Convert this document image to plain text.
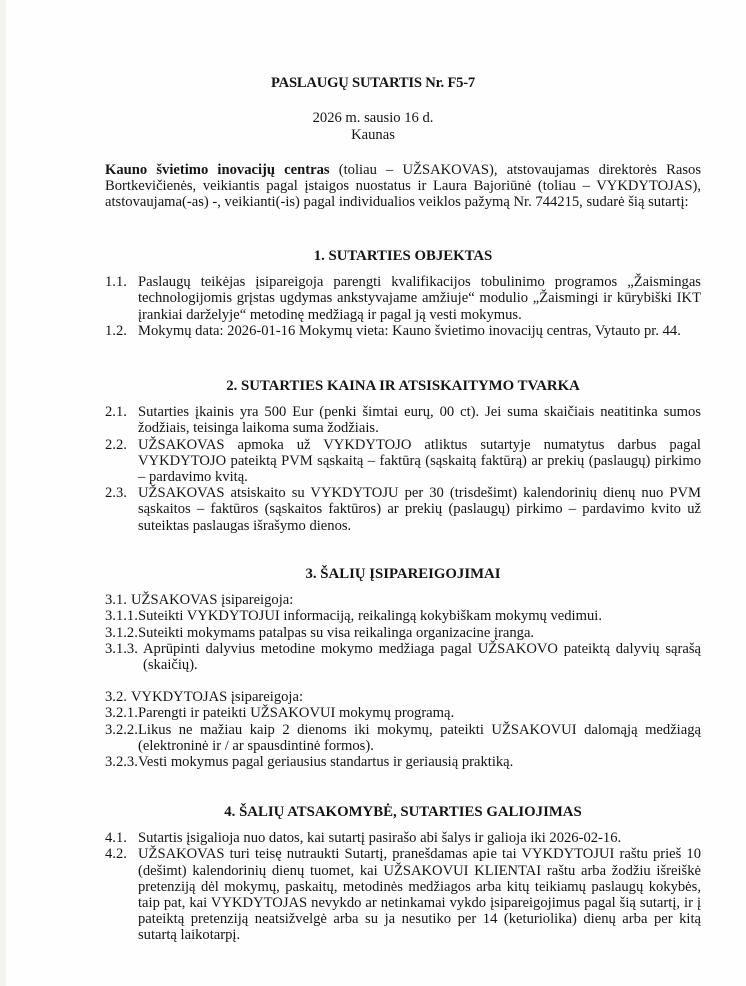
PASLAUGŲ SUTARTIS Nr. F5-7
2026 m. sausio 16 d.
Kaunas
Kauno švietimo inovacijų centras (toliau – UŽSAKOVAS), atstovaujamas direktorės Rasos Bortkevičienės, veikiantis pagal įstaigos nuostatus ir Laura Bajoriūnė (toliau – VYKDYTOJAS), atstovaujama(-as) -, veikianti(-is) pagal individualios veiklos pažymą Nr. 744215, sudarė šią sutartį:
1. SUTARTIES OBJEKTAS
1.1. Paslaugų teikėjas įsipareigoja parengti kvalifikacijos tobulinimo programos „Žaismingas technologijomis grįstas ugdymas ankstyvajame amžiuje“ modulio „Žaismingi ir kūrybiški IKT įrankiai darželyje“ metodinę medžiagą ir pagal ją vesti mokymus.
1.2. Mokymų data: 2026-01-16 Mokymų vieta: Kauno švietimo inovacijų centras, Vytauto pr. 44.
2. SUTARTIES KAINA IR ATSISKAITYMO TVARKA
2.1. Sutarties įkainis yra 500 Eur (penki šimtai eurų, 00 ct). Jei suma skaičiais neatitinka sumos žodžiais, teisinga laikoma suma žodžiais.
2.2. UŽSAKOVAS apmoka už VYKDYTOJO atliktus sutartyje numatytus darbus pagal VYKDYTOJO pateiktą PVM sąskaitą – faktūrą (sąskaitą faktūrą) ar prekių (paslaugų) pirkimo – pardavimo kvitą.
2.3. UŽSAKOVAS atsiskaito su VYKDYTOJU per 30 (trisdešimt) kalendorinių dienų nuo PVM sąskaitos – faktūros (sąskaitos faktūros) ar prekių (paslaugų) pirkimo – pardavimo kvito už suteiktas paslaugas išrašymo dienos.
3. ŠALIŲ ĮSIPAREIGOJIMAI
3.1. UŽSAKOVAS įsipareigoja:
3.1.1. Suteikti VYKDYTOJUI informaciją, reikalingą kokybiškam mokymų vedimui.
3.1.2. Suteikti mokymams patalpas su visa reikalinga organizacine įranga.
3.1.3. Aprūpinti dalyvius metodine mokymo medžiaga pagal UŽSAKOVO pateiktą dalyvių sąrašą (skaičių).
3.2. VYKDYTOJAS įsipareigoja:
3.2.1. Parengti ir pateikti UŽSAKOVUI mokymų programą.
3.2.2. Likus ne mažiau kaip 2 dienoms iki mokymų, pateikti UŽSAKOVUI dalomąją medžiagą (elektroninė ir / ar spausdintinė formos).
3.2.3. Vesti mokymus pagal geriausius standartus ir geriausią praktiką.
4. ŠALIŲ ATSAKOMYBĖ, SUTARTIES GALIOJIMAS
4.1. Sutartis įsigalioja nuo datos, kai sutartį pasirašo abi šalys ir galioja iki 2026-02-16.
4.2. UŽSAKOVAS turi teisę nutraukti Sutartį, pranešdamas apie tai VYKDYTOJUI raštu prieš 10 (dešimt) kalendorinių dienų tuomet, kai UŽSAKOVUI KLIENTAI raštu arba žodžiu išreiškė pretenziją dėl mokymų, paskaitų, metodinės medžiagos arba kitų teikiamų paslaugų kokybės, taip pat, kai VYKDYTOJAS nevykdo ar netinkamai vykdo įsipareigojimus pagal šią sutartį, ir į pateiktą pretenziją neatsižvelgė arba su ja nesutiko per 14 (keturiolika) dienų arba per kitą sutartą laikotarpį.
